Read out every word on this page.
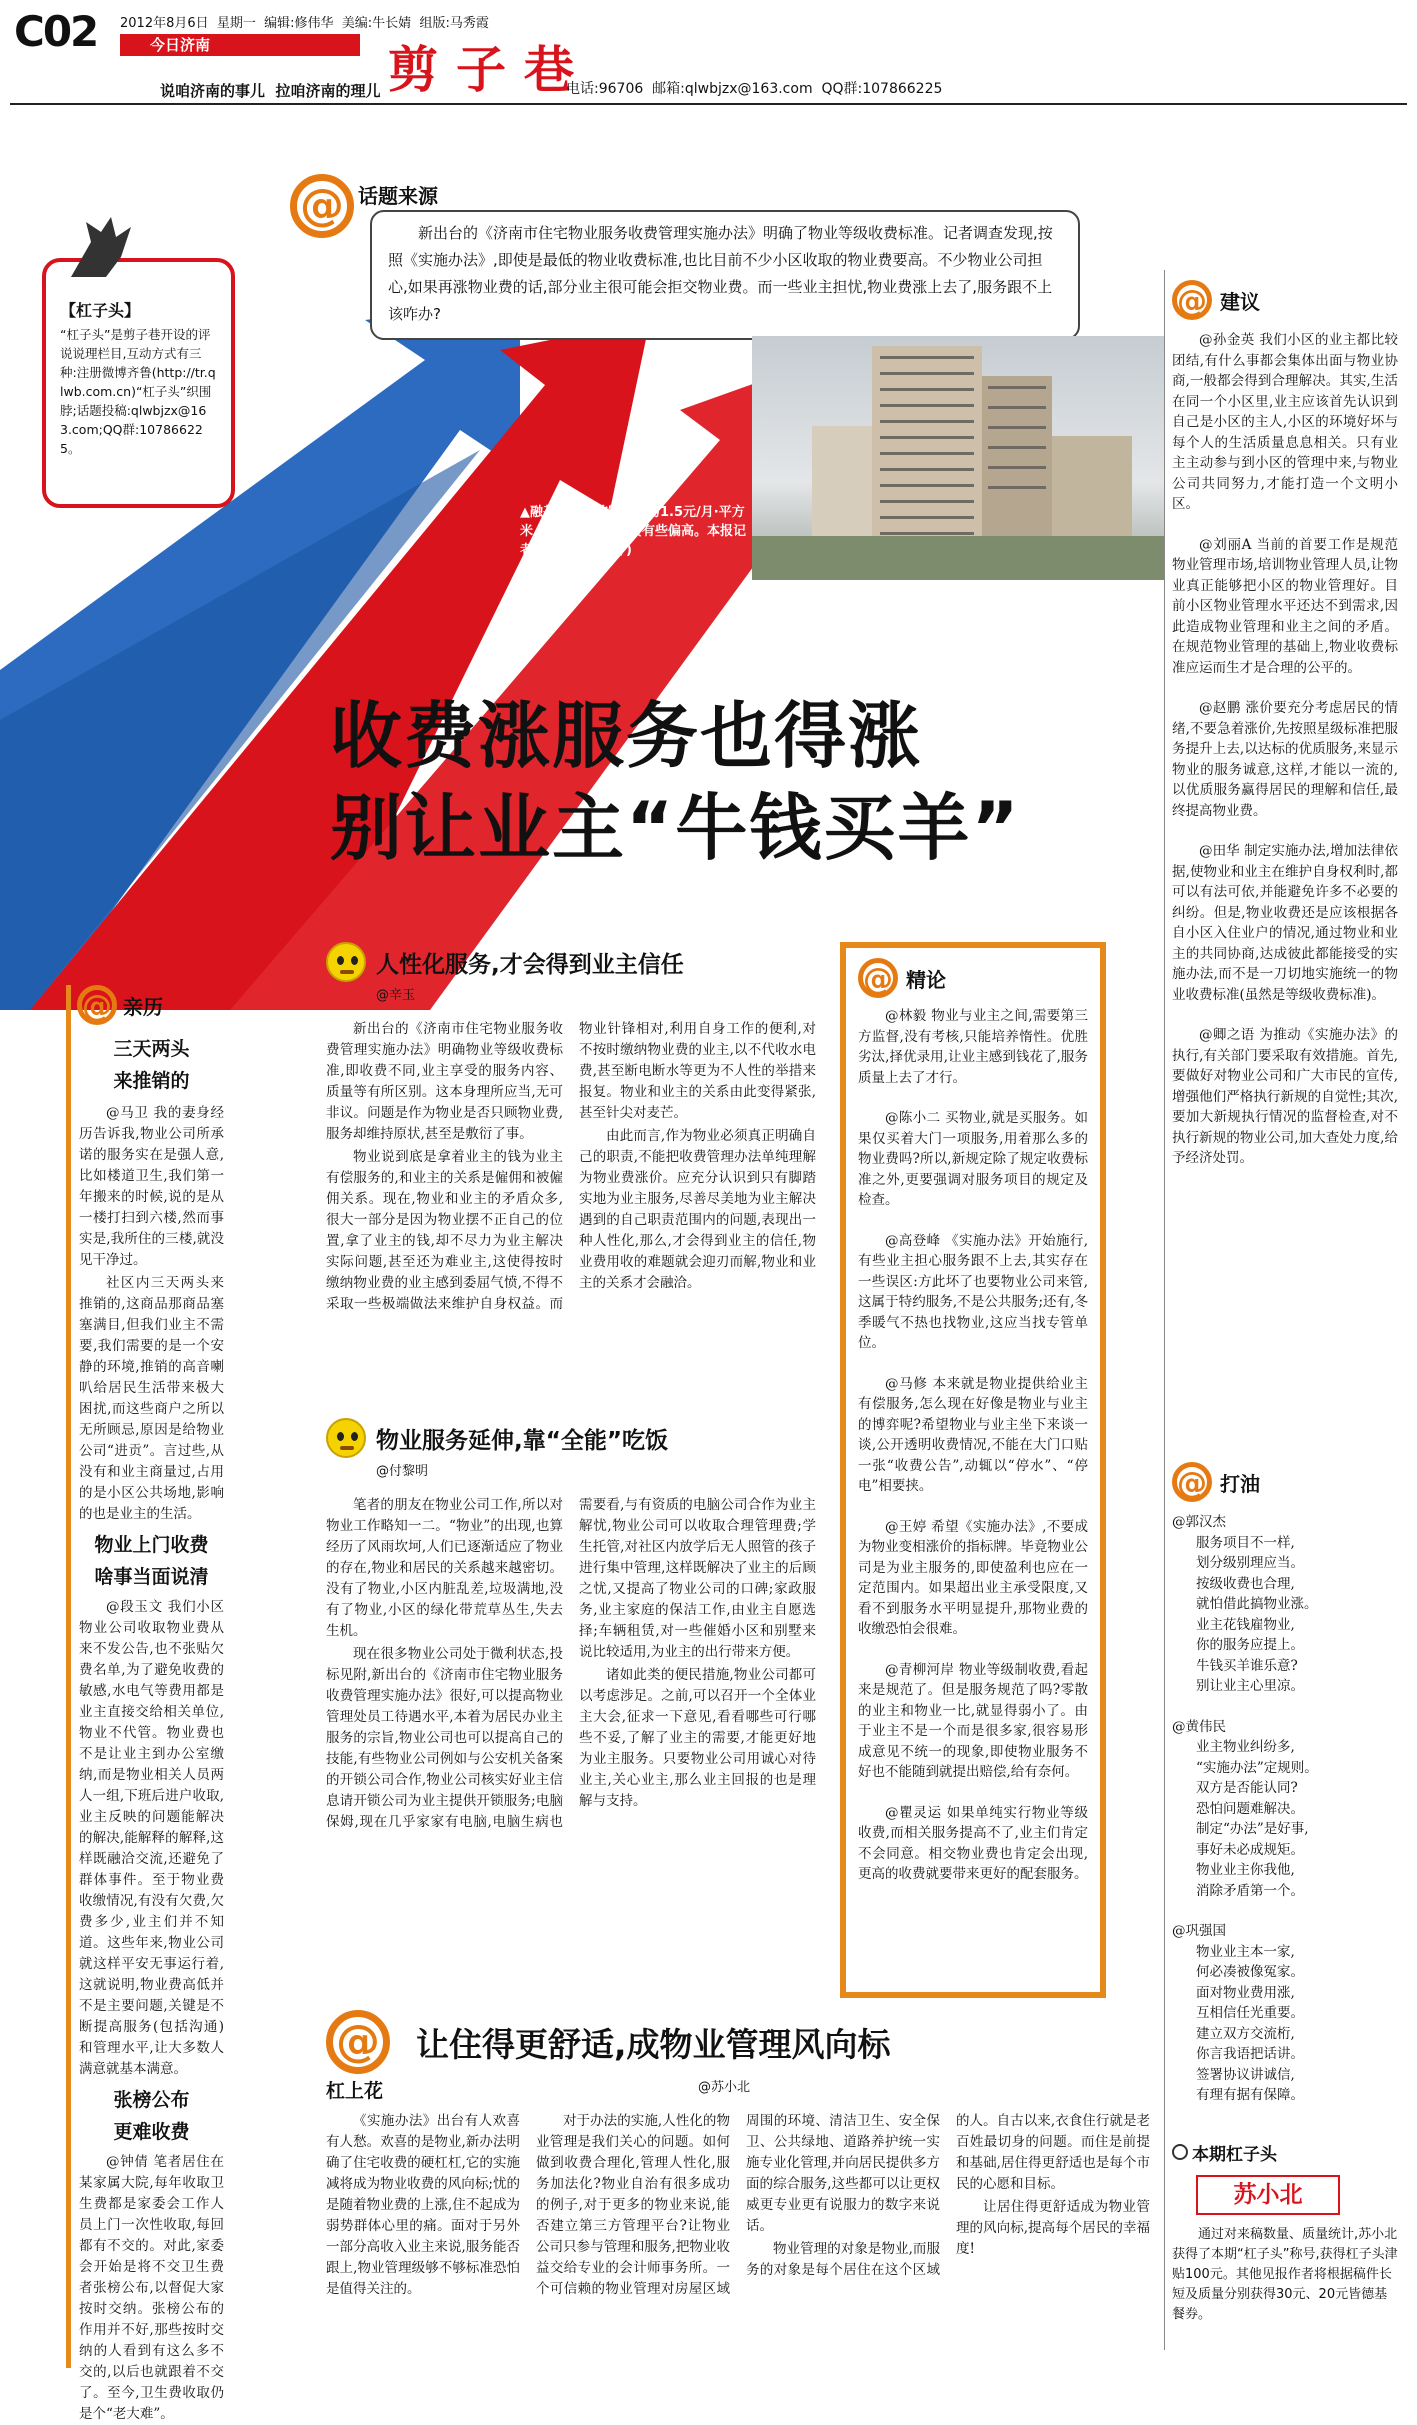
C02	2012年8月6日  星期一  编辑:修伟华  美编:牛长婧  组版:马秀霞
今日济南
说咱济南的事儿  拉咱济南的理儿 剪子巷
电话:96706  邮箱:qlwbjzx@163.com  QQ群:107866225
【杠子头】
“杠子头”是剪子巷开设的评说说理栏目,互动方式有三种:注册微博齐鲁(http://tr.qlwb.com.cn)“杠子头”织围脖;话题投稿:qlwbjzx@163.com;QQ群:107866225。
@ 话题来源
新出台的《济南市住宅物业服务收费管理实施办法》明确了物业等级收费标准。记者调查发现,按照《实施办法》,即使是最低的物业收费标准,也比目前不少小区收取的物业费要高。不少物业公司担心,如果再涨物业费的话,部分业主很可能会拒交物业费。而一些业主担忧,物业费涨上去了,服务跟不上该咋办?
▲融基书香苑的物业费为1.5元/月·平方米,部分业主认为收费有些偏高。本报记者 喻奕 摄(资料片)
收费涨服务也得涨
别让业主“牛钱买羊”
@ 亲历
三天两头
来推销的

@马卫 我的妻身经历告诉我,物业公司所承诺的服务实在是强人意,比如楼道卫生,我们第一年搬来的时候,说的是从一楼打扫到六楼,然而事实是,我所住的三楼,就没见干净过。

社区内三天两头来推销的,这商品那商品塞塞满目,但我们业主不需要,我们需要的是一个安静的环境,推销的高音喇叭给居民生活带来极大困扰,而这些商户之所以无所顾忌,原因是给物业公司“进贡”。言过些,从没有和业主商量过,占用的是小区公共场地,影响的也是业主的生活。

物业上门收费
啥事当面说清

@段玉文 我们小区物业公司收取物业费从来不发公告,也不张贴欠费名单,为了避免收费的敏感,水电气等费用都是业主直接交给相关单位,物业不代管。物业费也不是让业主到办公室缴纳,而是物业相关人员两人一组,下班后进户收取,业主反映的问题能解决的解决,能解释的解释,这样既融洽交流,还避免了群体事件。至于物业费收缴情况,有没有欠费,欠费多少,业主们并不知道。这些年来,物业公司就这样平安无事运行着,这就说明,物业费高低并不是主要问题,关键是不断提高服务(包括沟通)和管理水平,让大多数人满意就基本满意。

张榜公布
更难收费

@钟倩 笔者居住在某家属大院,每年收取卫生费都是家委会工作人员上门一次性收取,每回都有不交的。对此,家委会开始是将不交卫生费者张榜公布,以督促大家按时交纳。张榜公布的作用并不好,那些按时交纳的人看到有这么多不交的,以后也就跟着不交了。至今,卫生费收取仍是个“老大难”。

人性化服务,才会得到业主信任
@辛玉

新出台的《济南市住宅物业服务收费管理实施办法》明确物业等级收费标准,即收费不同,业主享受的服务内容、质量等有所区别。这本身理所应当,无可非议。问题是作为物业是否只顾物业费,服务却维持原状,甚至是敷衍了事。

物业说到底是拿着业主的钱为业主有偿服务的,和业主的关系是僱佣和被僱佣关系。现在,物业和业主的矛盾众多,很大一部分是因为物业摆不正自己的位置,拿了业主的钱,却不尽力为业主解决实际问题,甚至还为难业主,这使得按时缴纳物业费的业主感到委屈气愤,不得不采取一些极端做法来维护自身权益。而物业针锋相对,利用自身工作的便利,对不按时缴纳物业费的业主,以不代收水电费,甚至断电断水等更为不人性的举措来报复。物业和业主的关系由此变得紧张,甚至针尖对麦芒。

由此而言,作为物业必须真正明确自己的职责,不能把收费管理办法单纯理解为物业费涨价。应充分认识到只有脚踏实地为业主服务,尽善尽美地为业主解决遇到的自己职责范围内的问题,表现出一种人性化,那么,才会得到业主的信任,物业费用收的难题就会迎刃而解,物业和业主的关系才会融洽。

物业服务延伸,靠“全能”吃饭
@付黎明

笔者的朋友在物业公司工作,所以对物业工作略知一二。“物业”的出现,也算经历了风雨坎坷,人们已逐渐适应了物业的存在,物业和居民的关系越来越密切。没有了物业,小区内脏乱差,垃圾满地,没有了物业,小区的绿化带荒草丛生,失去生机。

现在很多物业公司处于微利状态,投标见附,新出台的《济南市住宅物业服务收费管理实施办法》很好,可以提高物业管理处员工待遇水平,本着为居民办业主服务的宗旨,物业公司也可以提高自己的技能,有些物业公司例如与公安机关备案的开锁公司合作,物业公司核实好业主信息请开锁公司为业主提供开锁服务;电脑保姆,现在几乎家家有电脑,电脑生病也需要看,与有资质的电脑公司合作为业主解忧,物业公司可以收取合理管理费;学生托管,对社区内放学后无人照管的孩子进行集中管理,这样既解决了业主的后顾之忧,又提高了物业公司的口碑;家政服务,业主家庭的保洁工作,由业主自愿选择;车辆租赁,对一些催婚小区和别墅来说比较适用,为业主的出行带来方便。

诸如此类的便民措施,物业公司都可以考虑涉足。之前,可以召开一个全体业主大会,征求一下意见,看看哪些可行哪些不妥,了解了业主的需要,才能更好地为业主服务。只要物业公司用诚心对待业主,关心业主,那么业主回报的也是理解与支持。

@ 精论

@林毅 物业与业主之间,需要第三方监督,没有考核,只能培养惰性。优胜劣汰,择优录用,让业主感到钱花了,服务质量上去了才行。

@陈小二 买物业,就是买服务。如果仅买着大门一项服务,用着那么多的物业费吗?所以,新规定除了规定收费标准之外,更要强调对服务项目的规定及检查。

@高登峰 《实施办法》开始施行,有些业主担心服务跟不上去,其实存在一些误区:方此坏了也要物业公司来管,这属于特约服务,不是公共服务;还有,冬季暖气不热也找物业,这应当找专管单位。

@马修 本来就是物业提供给业主有偿服务,怎么现在好像是物业与业主的博弈呢?希望物业与业主坐下来谈一谈,公开透明收费情况,不能在大门口贴一张“收费公告”,动辄以“停水”、“停电”相要挟。

@王婷 希望《实施办法》,不要成为物业变相涨价的指标牌。毕竟物业公司是为业主服务的,即使盈利也应在一定范围内。如果超出业主承受限度,又看不到服务水平明显提升,那物业费的收缴恐怕会很难。

@青柳河岸 物业等级制收费,看起来是规范了。但是服务规范了吗?零散的业主和物业一比,就显得弱小了。由于业主不是一个而是很多家,很容易形成意见不统一的现象,即使物业服务不好也不能随到就提出赔偿,给有奈何。

@瞿灵运 如果单纯实行物业等级收费,而相关服务提高不了,业主们肯定不会同意。相交物业费也肯定会出现,更高的收费就要带来更好的配套服务。

@ 建议

@孙金英 我们小区的业主都比较团结,有什么事都会集体出面与物业协商,一般都会得到合理解决。其实,生活在同一个小区里,业主应该首先认识到自己是小区的主人,小区的环境好坏与每个人的生活质量息息相关。只有业主主动参与到小区的管理中来,与物业公司共同努力,才能打造一个文明小区。

@刘丽A 当前的首要工作是规范物业管理市场,培训物业管理人员,让物业真正能够把小区的物业管理好。目前小区物业管理水平还达不到需求,因此造成物业管理和业主之间的矛盾。在规范物业管理的基础上,物业收费标准应运而生才是合理的公平的。

@赵鹏 涨价要充分考虑居民的情绪,不要急着涨价,先按照星级标准把服务提升上去,以达标的优质服务,来显示物业的服务诚意,这样,才能以一流的,以优质服务赢得居民的理解和信任,最终提高物业费。

@田华 制定实施办法,增加法律依据,使物业和业主在维护自身权利时,都可以有法可依,并能避免许多不必要的纠纷。但是,物业收费还是应该根据各自小区入住业户的情况,通过物业和业主的共同协商,达成彼此都能接受的实施办法,而不是一刀切地实施统一的物业收费标准(虽然是等级收费标准)。

@卿之语 为推动《实施办法》的执行,有关部门要采取有效措施。首先,要做好对物业公司和广大市民的宣传,增强他们严格执行新规的自觉性;其次,要加大新规执行情况的监督检查,对不执行新规的物业公司,加大查处力度,给予经济处罚。

@ 打油
@郭汉杰
服务项目不一样,
划分级别理应当。
按级收费也合理,
就怕借此搞物业涨。
业主花钱雇物业,
你的服务应提上。
牛钱买羊谁乐意?
别让业主心里凉。
@黄伟民
业主物业纠纷多,
“实施办法”定规则。
双方是否能认同?
恐怕问题难解决。
制定“办法”是好事,
事好未必成规矩。
物业业主你我他,
消除矛盾第一个。
@巩强国
物业业主本一家,
何必凑被像冤家。
面对物业费用涨,
互相信任光重要。
建立双方交流桁,
你言我语把话讲。
签署协议讲诚信,
有理有据有保障。
@	让住得更舒适,成物业管理风向标
杠上花	@苏小北

《实施办法》出台有人欢喜有人愁。欢喜的是物业,新办法明确了住宅收费的硬杠杠,它的实施减将成为物业收费的风向标;忧的是随着物业费的上涨,住不起成为弱势群体心里的痛。面对于另外一部分高收入业主来说,服务能否跟上,物业管理级够不够标准恐怕是值得关注的。

对于办法的实施,人性化的物业管理是我们关心的问题。如何做到收费合理化,管理人性化,服务加法化?物业自治有很多成功的例子,对于更多的物业来说,能否建立第三方管理平台?让物业公司只参与管理和服务,把物业收益交给专业的会计师事务所。一个可信赖的物业管理对房屋区域周围的环境、清洁卫生、安全保卫、公共绿地、道路养护统一实施专业化管理,并向居民提供多方面的综合服务,这些都可以让更权威更专业更有说服力的数字来说话。

物业管理的对象是物业,而服务的对象是每个居住在这个区域的人。自古以来,衣食住行就是老百姓最切身的问题。而住是前提和基础,居住得更舒适也是每个市民的心愿和目标。

让居住得更舒适成为物业管理的风向标,提高每个居民的幸福度!

本期杠子头
苏小北
通过对来稿数量、质量统计,苏小北获得了本期“杠子头”称号,获得杠子头津贴100元。其他见报作者将根据稿件长短及质量分别获得30元、20元皆德基餐券。
